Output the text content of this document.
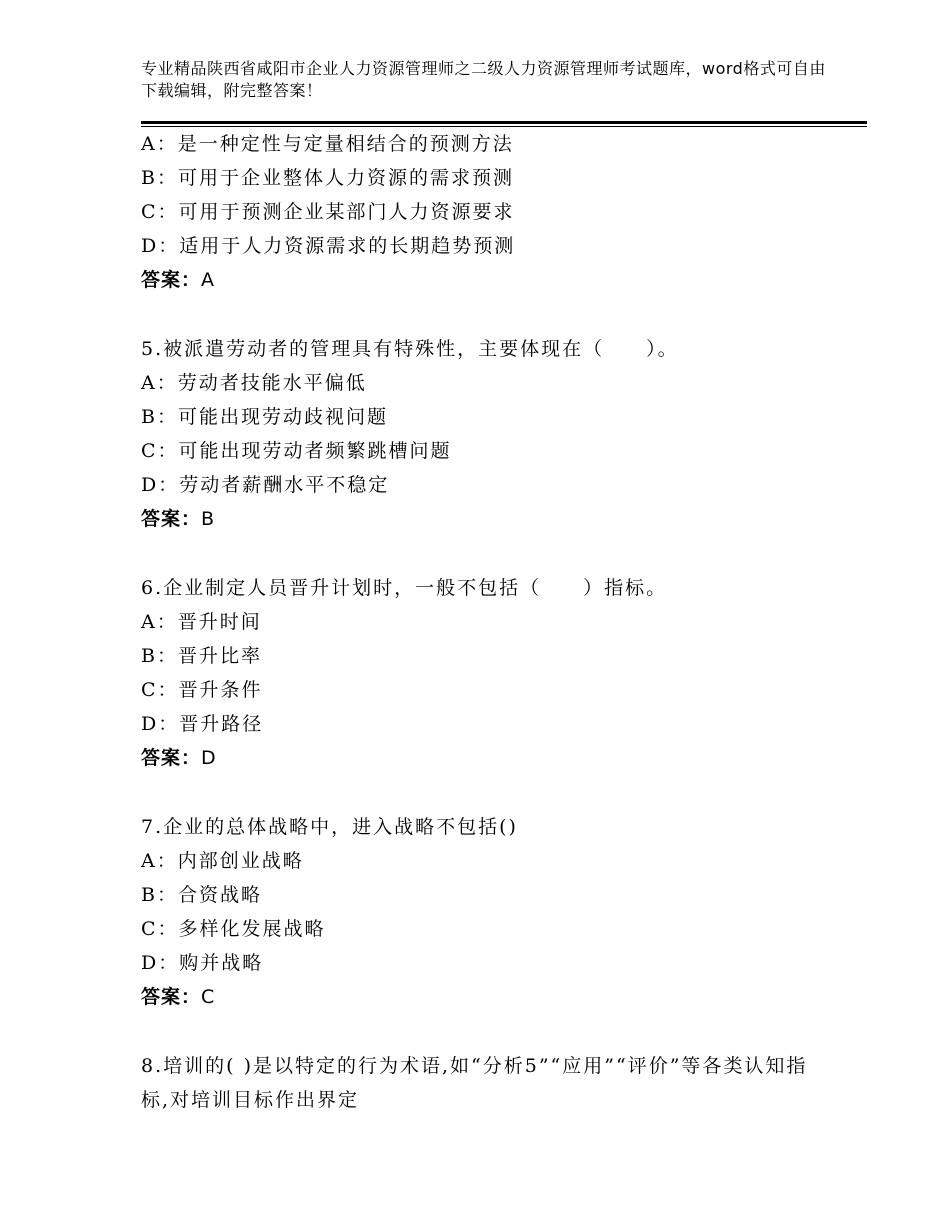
专业精品陕西省咸阳市企业人力资源管理师之二级人力资源管理师考试题库，word格式可自由下载编辑，附完整答案！
A：是一种定性与定量相结合的预测方法
B：可用于企业整体人力资源的需求预测
C：可用于预测企业某部门人力资源要求
D：适用于人力资源需求的长期趋势预测
答案：A
5.被派遣劳动者的管理具有特殊性，主要体现在（　　）。
A：劳动者技能水平偏低
B：可能出现劳动歧视问题
C：可能出现劳动者频繁跳槽问题
D：劳动者薪酬水平不稳定
答案：B
6.企业制定人员晋升计划时，一般不包括（　　）指标。
A：晋升时间
B：晋升比率
C：晋升条件
D：晋升路径
答案：D
7.企业的总体战略中，进入战略不包括()
A：内部创业战略
B：合资战略
C：多样化发展战略
D：购并战略
答案：C
8.培训的( )是以特定的行为术语,如“分析5”“应用”“评价”等各类认知指标,对培训目标作出界定
